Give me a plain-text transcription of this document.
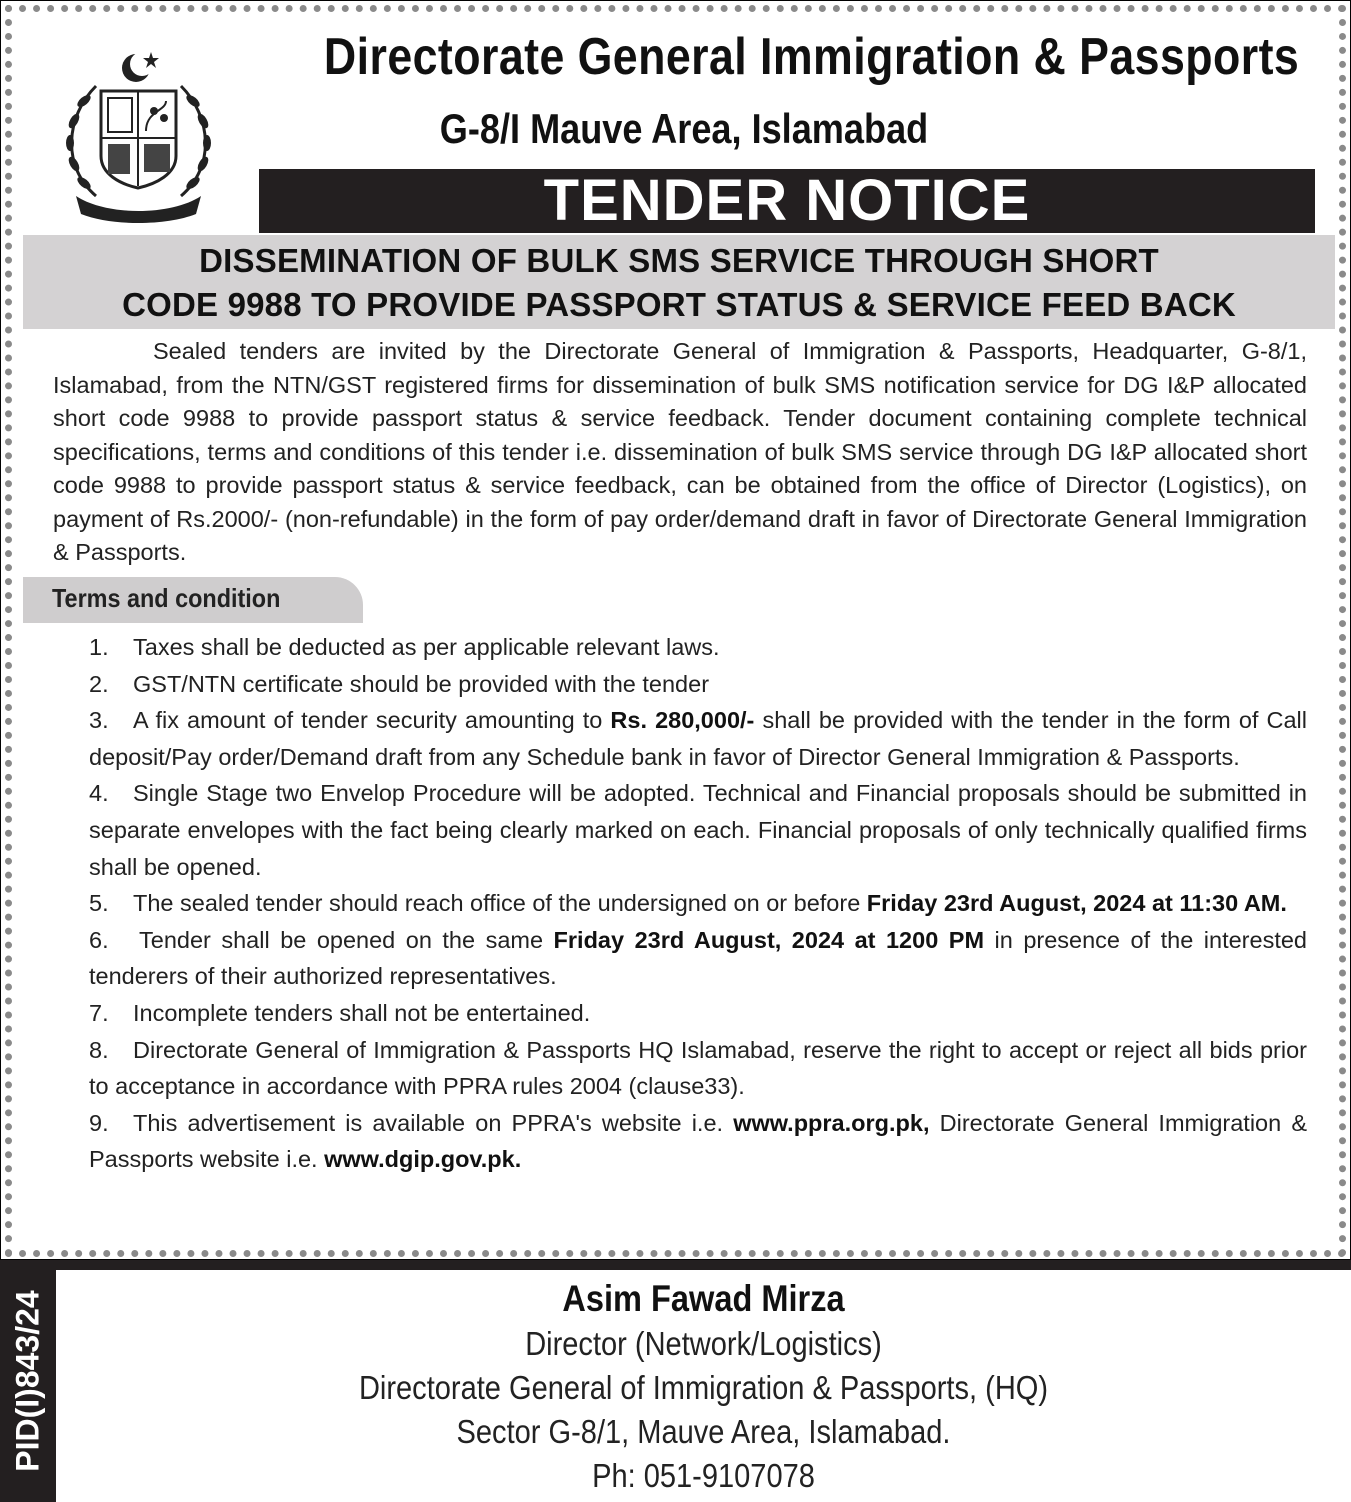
Directorate General Immigration & Passports
G-8/I Mauve Area, Islamabad
TENDER NOTICE
DISSEMINATION OF BULK SMS SERVICE THROUGH SHORT
CODE 9988 TO PROVIDE PASSPORT STATUS & SERVICE FEED BACK
Sealed tenders are invited by the Directorate General of Immigration & Passports, Headquarter, G-8/1, Islamabad, from the NTN/GST registered firms for dissemination of bulk SMS notification service for DG I&P allocated short code 9988 to provide passport status & service feedback. Tender document containing complete technical specifications, terms and conditions of this tender i.e. dissemination of bulk SMS service through DG I&P allocated short code 9988 to provide passport status & service feedback, can be obtained from the office of Director (Logistics), on payment of Rs.2000/- (non-refundable) in the form of pay order/demand draft in favor of Directorate General Immigration & Passports.
Terms and condition
1. Taxes shall be deducted as per applicable relevant laws.
2. GST/NTN certificate should be provided with the tender
3. A fix amount of tender security amounting to Rs. 280,000/- shall be provided with the tender in the form of Call deposit/Pay order/Demand draft from any Schedule bank in favor of Director General Immigration & Passports.
4. Single Stage two Envelop Procedure will be adopted. Technical and Financial proposals should be submitted in separate envelopes with the fact being clearly marked on each. Financial proposals of only technically qualified firms shall be opened.
5. The sealed tender should reach office of the undersigned on or before Friday 23rd August, 2024 at 11:30 AM.
6. Tender shall be opened on the same Friday 23rd August, 2024 at 1200 PM in presence of the interested tenderers of their authorized representatives.
7. Incomplete tenders shall not be entertained.
8. Directorate General of Immigration & Passports HQ Islamabad, reserve the right to accept or reject all bids prior to acceptance in accordance with PPRA rules 2004 (clause33).
9. This advertisement is available on PPRA's website i.e. www.ppra.org.pk, Directorate General Immigration & Passports website i.e. www.dgip.gov.pk.
PID(I)843/24	Asim Fawad Mirza
Director (Network/Logistics)
Directorate General of Immigration & Passports, (HQ)
Sector G-8/1, Mauve Area, Islamabad.
Ph: 051-9107078
